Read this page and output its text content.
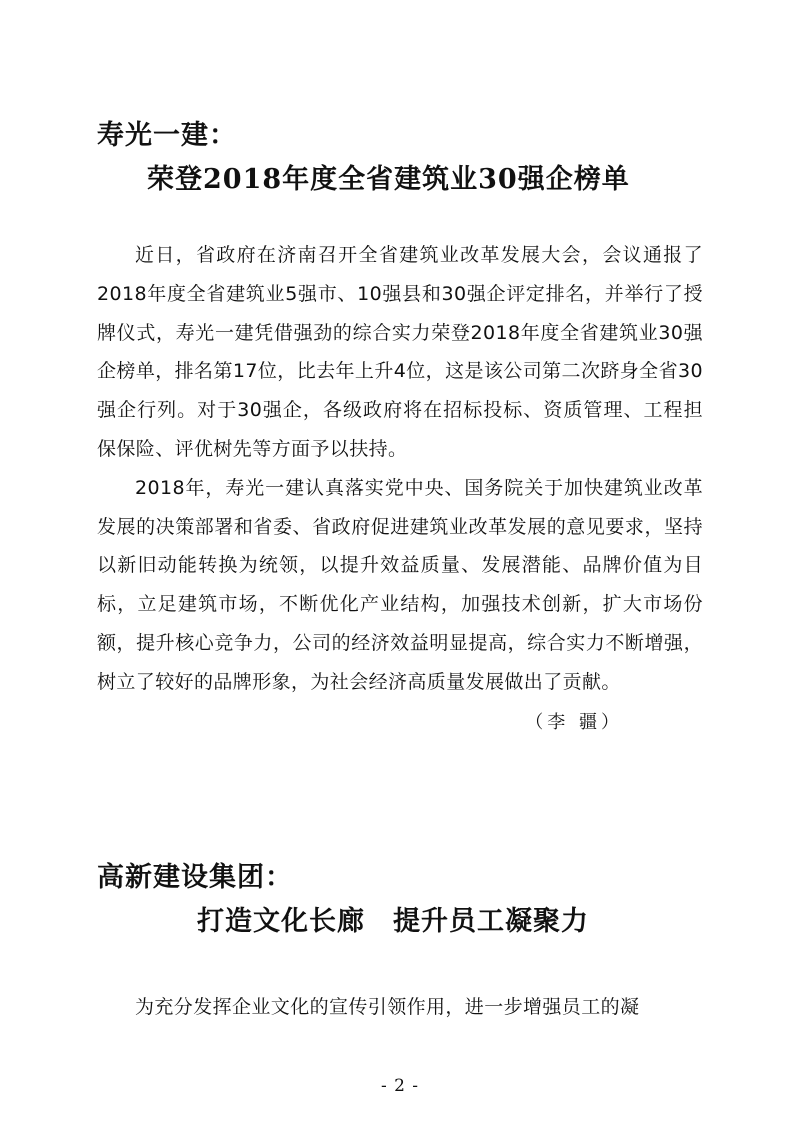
寿光一建：
荣登2018年度全省建筑业30强企榜单

近日，省政府在济南召开全省建筑业改革发展大会，会议通报了2018年度全省建筑业5强市、10强县和30强企评定排名，并举行了授牌仪式，寿光一建凭借强劲的综合实力荣登2018年度全省建筑业30强企榜单，排名第17位，比去年上升4位，这是该公司第二次跻身全省30强企行列。对于30强企，各级政府将在招标投标、资质管理、工程担保保险、评优树先等方面予以扶持。

2018年，寿光一建认真落实党中央、国务院关于加快建筑业改革发展的决策部署和省委、省政府促进建筑业改革发展的意见要求，坚持以新旧动能转换为统领，以提升效益质量、发展潜能、品牌价值为目标，立足建筑市场，不断优化产业结构，加强技术创新，扩大市场份额，提升核心竞争力，公司的经济效益明显提高，综合实力不断增强，树立了较好的品牌形象，为社会经济高质量发展做出了贡献。

（李 疆）
高新建设集团：
打造文化长廊　提升员工凝聚力

为充分发挥企业文化的宣传引领作用，进一步增强员工的凝

- 2 -
